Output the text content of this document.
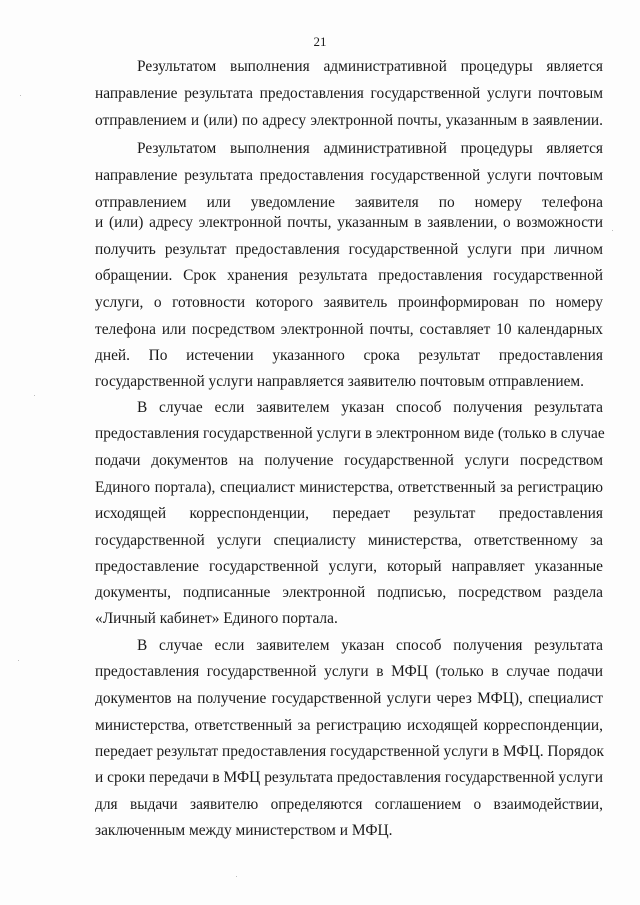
21
Результатом выполнения административной процедуры является
направление результата предоставления государственной услуги почтовым
отправлением и (или) по адресу электронной почты, указанным в заявлении.
Результатом выполнения административной процедуры является
направление результата предоставления государственной услуги почтовым
отправлением или уведомление заявителя по номеру телефона
и (или) адресу электронной почты, указанным в заявлении, о возможности
получить результат предоставления государственной услуги при личном
обращении. Срок хранения результата предоставления государственной
услуги, о готовности которого заявитель проинформирован по номеру
телефона или посредством электронной почты, составляет 10 календарных
дней. По истечении указанного срока результат предоставления
государственной услуги направляется заявителю почтовым отправлением.
В случае если заявителем указан способ получения результата
предоставления государственной услуги в электронном виде (только в случае
подачи документов на получение государственной услуги посредством
Единого портала), специалист министерства, ответственный за регистрацию
исходящей корреспонденции, передает результат предоставления
государственной услуги специалисту министерства, ответственному за
предоставление государственной услуги, который направляет указанные
документы, подписанные электронной подписью, посредством раздела
«Личный кабинет» Единого портала.
В случае если заявителем указан способ получения результата
предоставления государственной услуги в МФЦ (только в случае подачи
документов на получение государственной услуги через МФЦ), специалист
министерства, ответственный за регистрацию исходящей корреспонденции,
передает результат предоставления государственной услуги в МФЦ. Порядок
и сроки передачи в МФЦ результата предоставления государственной услуги
для выдачи заявителю определяются соглашением о взаимодействии,
заключенным между министерством и МФЦ.
